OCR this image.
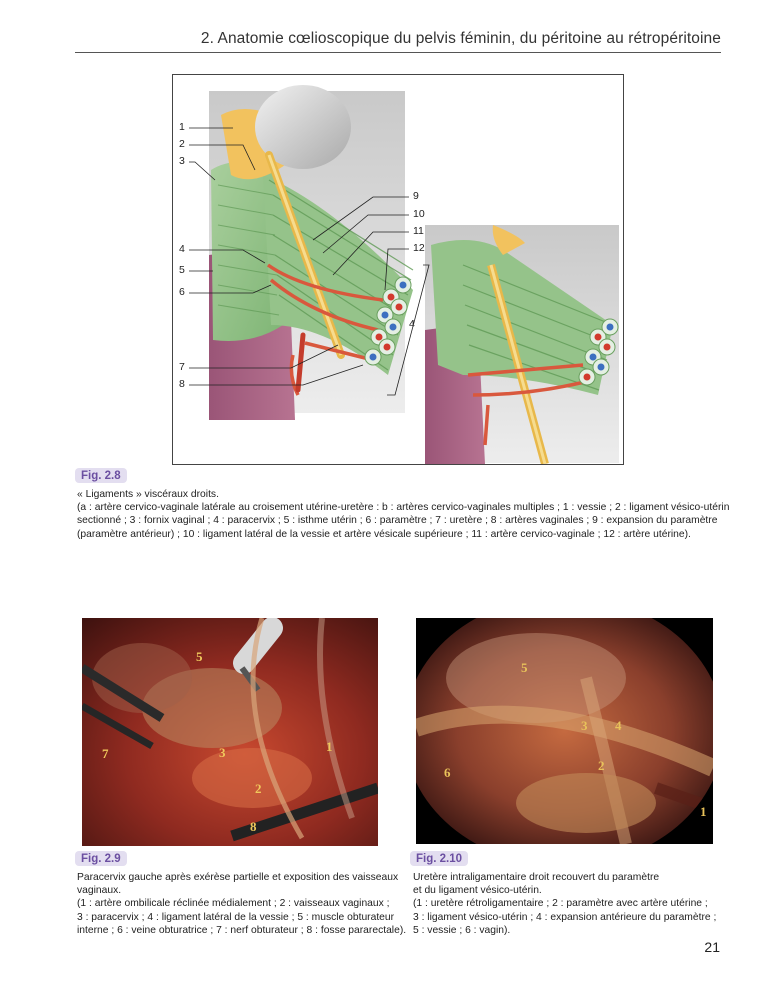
2. Anatomie cœlioscopique du pelvis féminin, du péritoine au rétropéritoine
1
2
3
4
5
6
7
8
9
10
11
12
4
Fig. 2.8
« Ligaments » viscéraux droits.
(a : artère cervico-vaginale latérale au croisement utérine-uretère : b : artères cervico-vaginales multiples ; 1 : vessie ; 2 : ligament vésico-utérin
sectionné ; 3 : fornix vaginal ; 4 : paracervix ; 5 : isthme utérin ; 6 : paramètre ; 7 : uretère ; 8 : artères vaginales ; 9 : expansion du paramètre
(paramètre antérieur) ; 10 : ligament latéral de la vessie et artère vésicale supérieure ; 11 : artère cervico-vaginale ; 12 : artère utérine).
5
1
7	3
2
8
Fig. 2.9
Paracervix gauche après exérèse partielle et exposition des vaisseaux
vaginaux.
(1 : artère ombilicale réclinée médialement ; 2 : vaisseaux vaginaux ;
3 : paracervix ; 4 : ligament latéral de la vessie ; 5 : muscle obturateur
interne ; 6 : veine obturatrice ; 7 : nerf obturateur ; 8 : fosse pararectale).
5
3 4
6	2
1
Fig. 2.10
Uretère intraligamentaire droit recouvert du paramètre
et du ligament vésico-utérin.
(1 : uretère rétroligamentaire ; 2 : paramètre avec artère utérine ;
3 : ligament vésico-utérin ; 4 : expansion antérieure du paramètre ;
5 : vessie ; 6 : vagin).
21
